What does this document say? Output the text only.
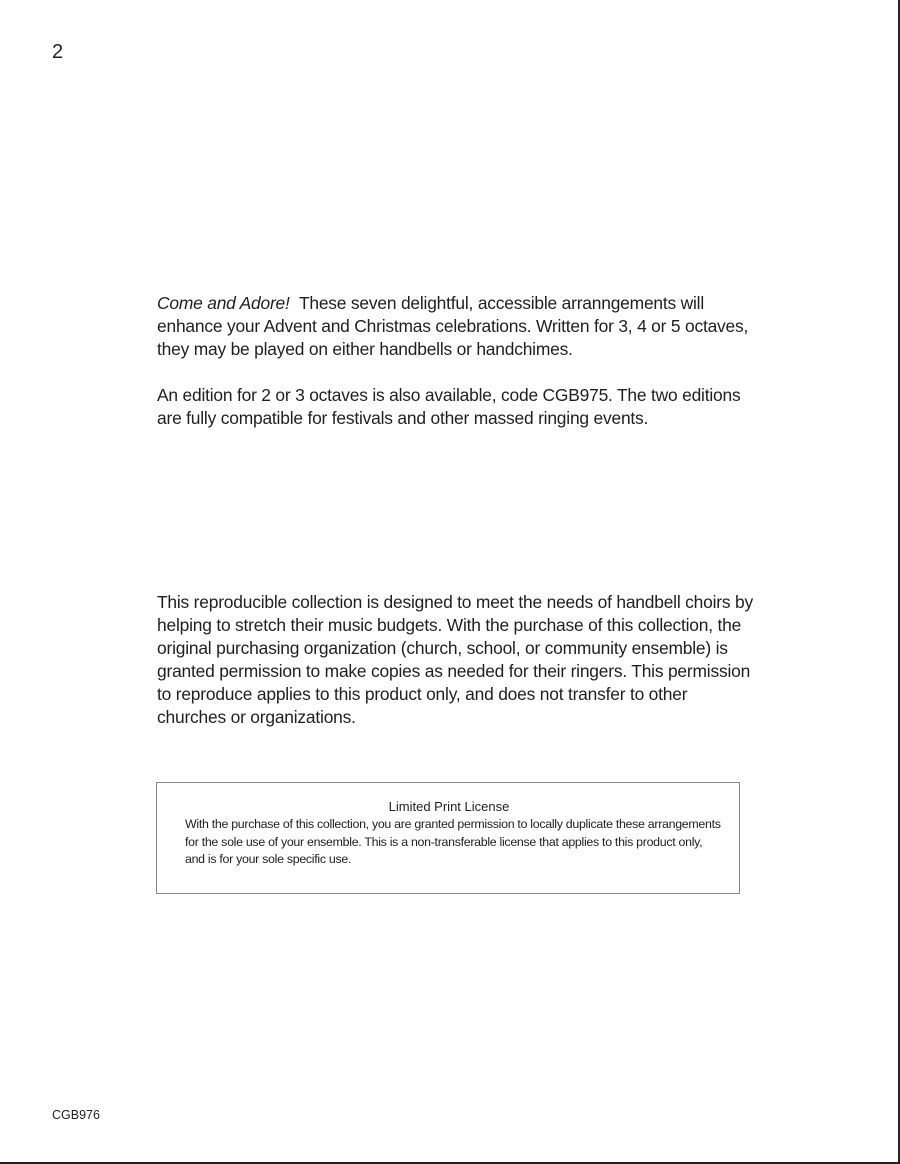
2
Come and Adore! These seven delightful, accessible arranngements will enhance your Advent and Christmas celebrations. Written for 3, 4 or 5 octaves, they may be played on either handbells or handchimes.
An edition for 2 or 3 octaves is also available, code CGB975. The two editions are fully compatible for festivals and other massed ringing events.
This reproducible collection is designed to meet the needs of handbell choirs by helping to stretch their music budgets. With the purchase of this collection, the original purchasing organization (church, school, or community ensemble) is granted permission to make copies as needed for their ringers. This permission to reproduce applies to this product only, and does not transfer to other churches or organizations.
Limited Print License
With the purchase of this collection, you are granted permission to locally duplicate these arrangements for the sole use of your ensemble. This is a non-transferable license that applies to this product only, and is for your sole specific use.
CGB976
